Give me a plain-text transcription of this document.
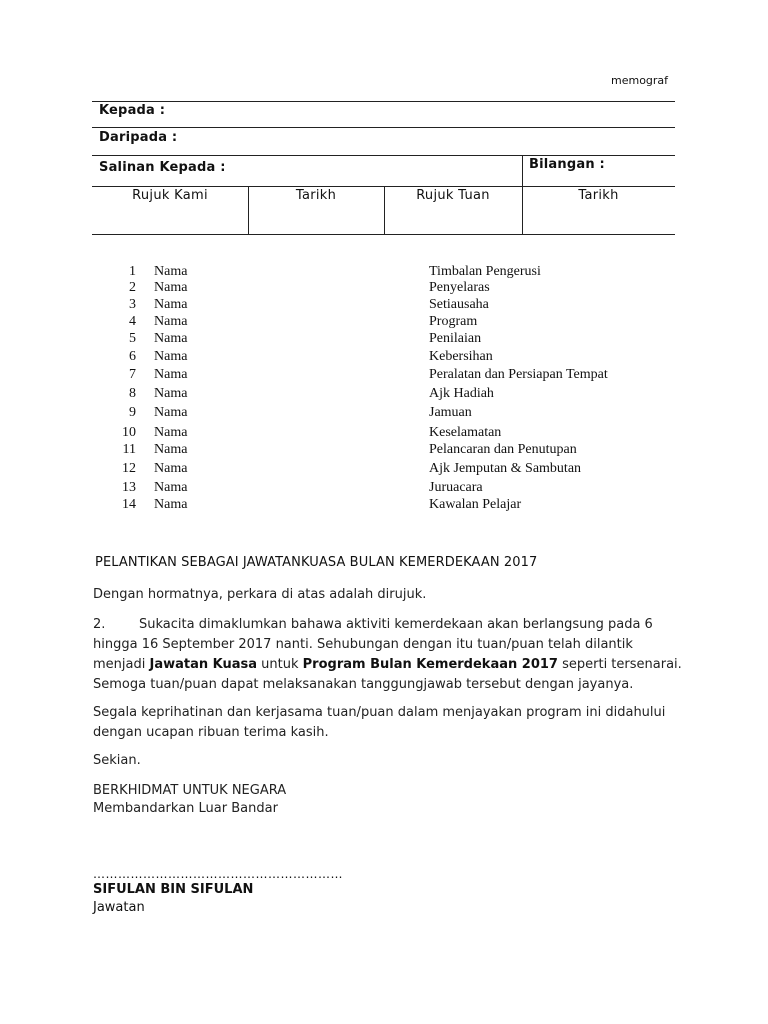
memograf
Kepada :
Daripada :
Salinan Kepada :	Bilangan :
Rujuk Kami	Tarikh	Rujuk Tuan	Tarikh
1 Nama	Timbalan Pengerusi
2 Nama	Penyelaras
3 Nama	Setiausaha
4 Nama	Program
5 Nama	Penilaian
6 Nama	Kebersihan
7 Nama	Peralatan dan Persiapan Tempat
8 Nama	Ajk Hadiah
9 Nama	Jamuan
10 Nama	Keselamatan
11 Nama	Pelancaran dan Penutupan
12 Nama	Ajk Jemputan & Sambutan
13 Nama	Juruacara
14 Nama	Kawalan Pelajar
PELANTIKAN SEBAGAI JAWATANKUASA BULAN KEMERDEKAAN 2017
Dengan hormatnya, perkara di atas adalah dirujuk.
2.	Sukacita dimaklumkan bahawa aktiviti kemerdekaan akan berlangsung pada 6 hingga 16 September 2017 nanti. Sehubungan dengan itu tuan/puan telah dilantik menjadi Jawatan Kuasa untuk Program Bulan Kemerdekaan 2017 seperti tersenarai. Semoga tuan/puan dapat melaksanakan tanggungjawab tersebut dengan jayanya.
Segala keprihatinan dan kerjasama tuan/puan dalam menjayakan program ini didahului dengan ucapan ribuan terima kasih.
Sekian.
BERKHIDMAT UNTUK NEGARA
Membandarkan Luar Bandar
……………………………………………………
SIFULAN BIN SIFULAN
Jawatan
